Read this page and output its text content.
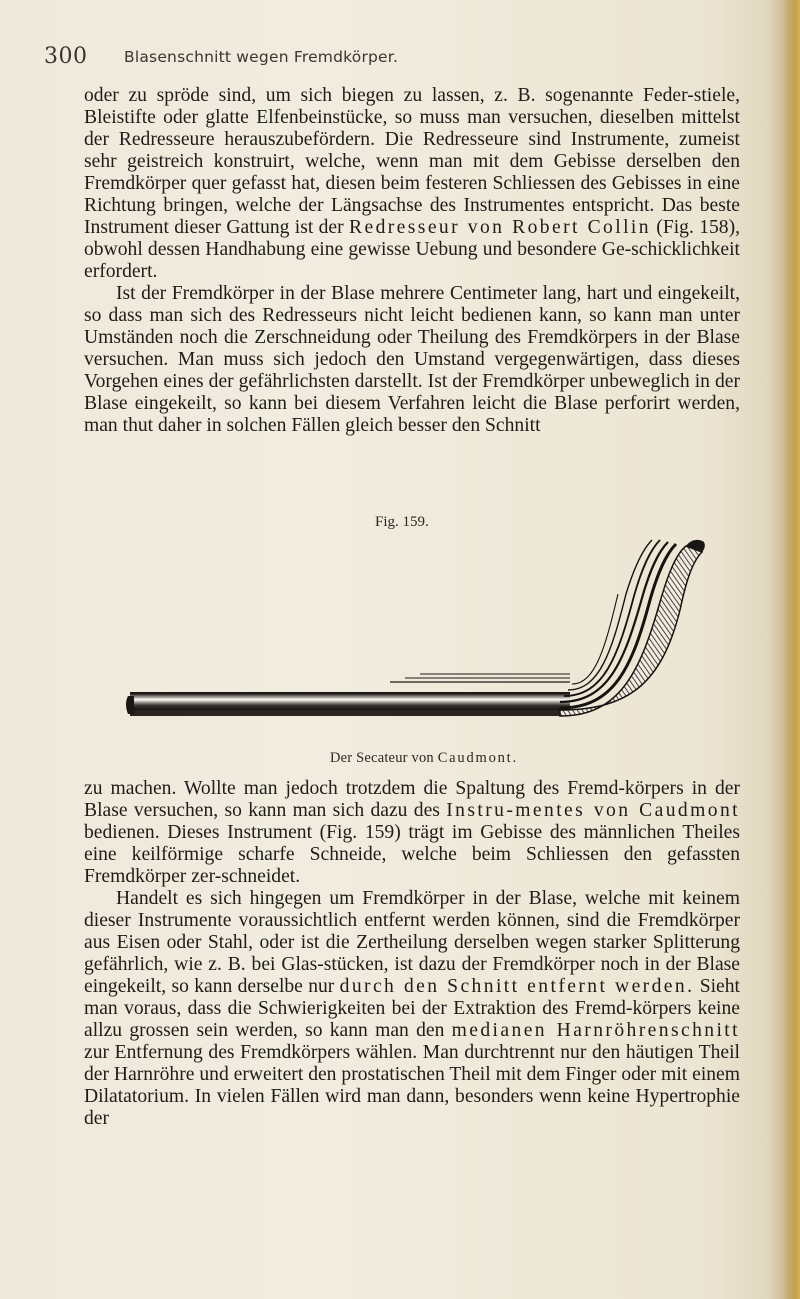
300 Blasenschnitt wegen Fremdkörper.

oder zu spröde sind, um sich biegen zu lassen, z. B. sogenannte Feder-stiele, Bleistifte oder glatte Elfenbeinstücke, so muss man versuchen, dieselben mittelst der Redresseure herauszubefördern. Die Redresseure sind Instrumente, zumeist sehr geistreich konstruirt, welche, wenn man mit dem Gebisse derselben den Fremdkörper quer gefasst hat, diesen beim festeren Schliessen des Gebisses in eine Richtung bringen, welche der Längsachse des Instrumentes entspricht. Das beste Instrument dieser Gattung ist der Redresseur von Robert Collin (Fig. 158), obwohl dessen Handhabung eine gewisse Uebung und besondere Ge-schicklichkeit erfordert.

Ist der Fremdkörper in der Blase mehrere Centimeter lang, hart und eingekeilt, so dass man sich des Redresseurs nicht leicht bedienen kann, so kann man unter Umständen noch die Zerschneidung oder Theilung des Fremdkörpers in der Blase versuchen. Man muss sich jedoch den Umstand vergegenwärtigen, dass dieses Vorgehen eines der gefährlichsten darstellt. Ist der Fremdkörper unbeweglich in der Blase eingekeilt, so kann bei diesem Verfahren leicht die Blase perforirt werden, man thut daher in solchen Fällen gleich besser den Schnitt

Fig. 159.
Der Secateur von Caudmont.

zu machen. Wollte man jedoch trotzdem die Spaltung des Fremd-körpers in der Blase versuchen, so kann man sich dazu des Instru-mentes von Caudmont bedienen. Dieses Instrument (Fig. 159) trägt im Gebisse des männlichen Theiles eine keilförmige scharfe Schneide, welche beim Schliessen den gefassten Fremdkörper zer-schneidet.

Handelt es sich hingegen um Fremdkörper in der Blase, welche mit keinem dieser Instrumente voraussichtlich entfernt werden können, sind die Fremdkörper aus Eisen oder Stahl, oder ist die Zertheilung derselben wegen starker Splitterung gefährlich, wie z. B. bei Glas-stücken, ist dazu der Fremdkörper noch in der Blase eingekeilt, so kann derselbe nur durch den Schnitt entfernt werden. Sieht man voraus, dass die Schwierigkeiten bei der Extraktion des Fremd-körpers keine allzu grossen sein werden, so kann man den medianen Harnröhrenschnitt zur Entfernung des Fremdkörpers wählen. Man durchtrennt nur den häutigen Theil der Harnröhre und erweitert den prostatischen Theil mit dem Finger oder mit einem Dilatatorium. In vielen Fällen wird man dann, besonders wenn keine Hypertrophie der
